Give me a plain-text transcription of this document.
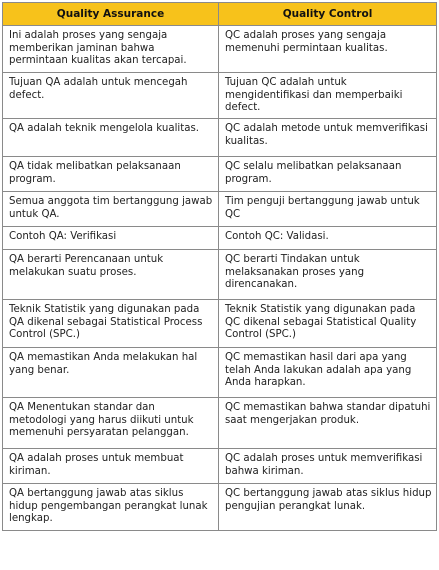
Quality Assurance	Quality Control
Ini adalah proses yang sengaja memberikan jaminan bahwa permintaan kualitas akan tercapai.	QC adalah proses yang sengaja memenuhi permintaan kualitas.
Tujuan QA adalah untuk mencegah defect.	Tujuan QC adalah untuk mengidentifikasi dan memperbaiki defect.
QA adalah teknik mengelola kualitas.	QC adalah metode untuk memverifikasi kualitas.
QA tidak melibatkan pelaksanaan program.	QC selalu melibatkan pelaksanaan program.
Semua anggota tim bertanggung jawab untuk QA.	Tim penguji bertanggung jawab untuk QC
Contoh QA: Verifikasi	Contoh QC: Validasi.
QA berarti Perencanaan untuk melakukan suatu proses.	QC berarti Tindakan untuk melaksanakan proses yang direncanakan.
Teknik Statistik yang digunakan pada QA dikenal sebagai Statistical Process Control (SPC.)	Teknik Statistik yang digunakan pada QC dikenal sebagai Statistical Quality Control (SPC.)
QA memastikan Anda melakukan hal yang benar.	QC memastikan hasil dari apa yang telah Anda lakukan adalah apa yang Anda harapkan.
QA Menentukan standar dan metodologi yang harus diikuti untuk memenuhi persyaratan pelanggan.	QC memastikan bahwa standar dipatuhi saat mengerjakan produk.
QA adalah proses untuk membuat kiriman.	QC adalah proses untuk memverifikasi bahwa kiriman.
QA bertanggung jawab atas siklus hidup pengembangan perangkat lunak lengkap.	QC bertanggung jawab atas siklus hidup pengujian perangkat lunak.
